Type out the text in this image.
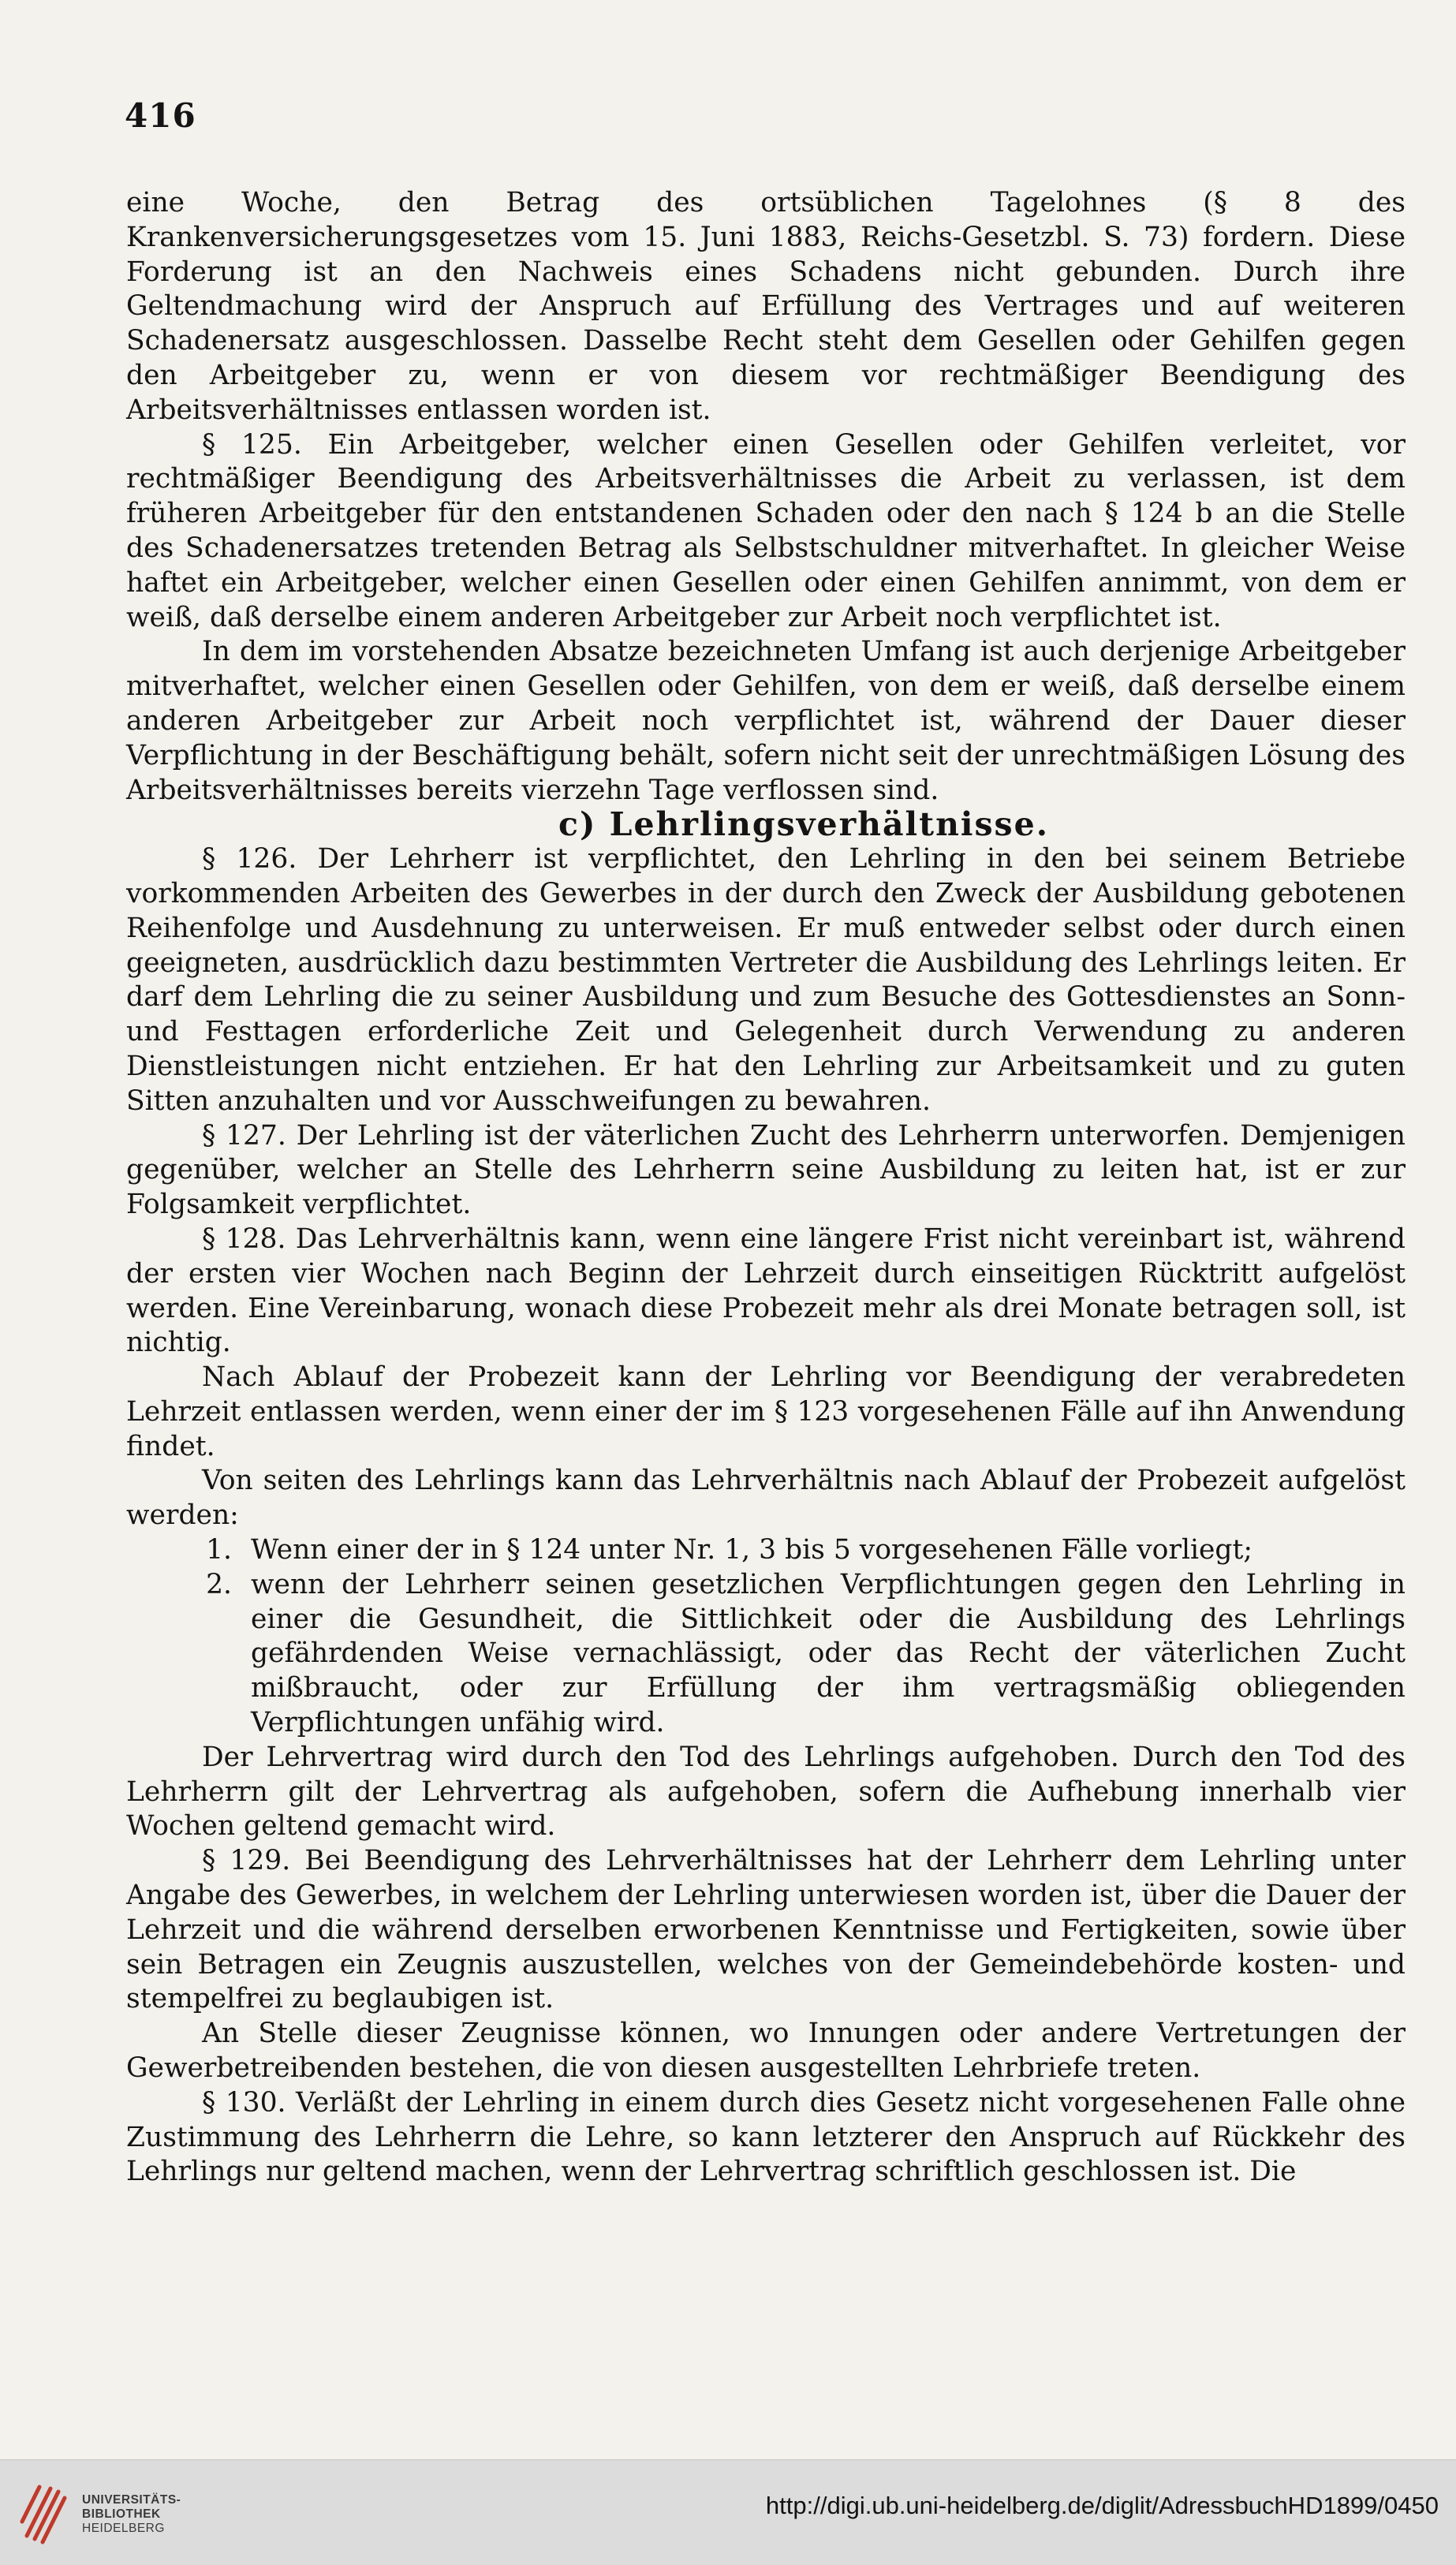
416

eine Woche, den Betrag des ortsüblichen Tagelohnes (§ 8 des Krankenversicherungsgesetzes vom 15. Juni 1883, Reichs-Gesetzbl. S. 73) fordern. Diese Forderung ist an den Nachweis eines Schadens nicht gebunden. Durch ihre Geltendmachung wird der Anspruch auf Erfüllung des Vertrages und auf weiteren Schadenersatz ausgeschlossen. Dasselbe Recht steht dem Gesellen oder Gehilfen gegen den Arbeitgeber zu, wenn er von diesem vor rechtmäßiger Beendigung des Arbeitsverhältnisses entlassen worden ist.

§ 125. Ein Arbeitgeber, welcher einen Gesellen oder Gehilfen verleitet, vor rechtmäßiger Beendigung des Arbeitsverhältnisses die Arbeit zu verlassen, ist dem früheren Arbeitgeber für den entstandenen Schaden oder den nach § 124 b an die Stelle des Schadenersatzes tretenden Betrag als Selbstschuldner mitverhaftet. In gleicher Weise haftet ein Arbeitgeber, welcher einen Gesellen oder einen Gehilfen annimmt, von dem er weiß, daß derselbe einem anderen Arbeitgeber zur Arbeit noch verpflichtet ist.

In dem im vorstehenden Absatze bezeichneten Umfang ist auch derjenige Arbeitgeber mitverhaftet, welcher einen Gesellen oder Gehilfen, von dem er weiß, daß derselbe einem anderen Arbeitgeber zur Arbeit noch verpflichtet ist, während der Dauer dieser Verpflichtung in der Beschäftigung behält, sofern nicht seit der unrechtmäßigen Lösung des Arbeitsverhältnisses bereits vierzehn Tage verflossen sind.

c) Lehrlingsverhältnisse.

§ 126. Der Lehrherr ist verpflichtet, den Lehrling in den bei seinem Betriebe vorkommenden Arbeiten des Gewerbes in der durch den Zweck der Ausbildung gebotenen Reihenfolge und Ausdehnung zu unterweisen. Er muß entweder selbst oder durch einen geeigneten, ausdrücklich dazu bestimmten Vertreter die Ausbildung des Lehrlings leiten. Er darf dem Lehrling die zu seiner Ausbildung und zum Besuche des Gottesdienstes an Sonn- und Festtagen erforderliche Zeit und Gelegenheit durch Verwendung zu anderen Dienstleistungen nicht entziehen. Er hat den Lehrling zur Arbeitsamkeit und zu guten Sitten anzuhalten und vor Ausschweifungen zu bewahren.

§ 127. Der Lehrling ist der väterlichen Zucht des Lehrherrn unterworfen. Demjenigen gegenüber, welcher an Stelle des Lehrherrn seine Ausbildung zu leiten hat, ist er zur Folgsamkeit verpflichtet.

§ 128. Das Lehrverhältnis kann, wenn eine längere Frist nicht vereinbart ist, während der ersten vier Wochen nach Beginn der Lehrzeit durch einseitigen Rücktritt aufgelöst werden. Eine Vereinbarung, wonach diese Probezeit mehr als drei Monate betragen soll, ist nichtig.

Nach Ablauf der Probezeit kann der Lehrling vor Beendigung der verabredeten Lehrzeit entlassen werden, wenn einer der im § 123 vorgesehenen Fälle auf ihn Anwendung findet.

Von seiten des Lehrlings kann das Lehrverhältnis nach Ablauf der Probezeit aufgelöst werden:

1. Wenn einer der in § 124 unter Nr. 1, 3 bis 5 vorgesehenen Fälle vorliegt;
2. wenn der Lehrherr seinen gesetzlichen Verpflichtungen gegen den Lehrling in einer die Gesundheit, die Sittlichkeit oder die Ausbildung des Lehrlings gefährdenden Weise vernachlässigt, oder das Recht der väterlichen Zucht mißbraucht, oder zur Erfüllung der ihm vertragsmäßig obliegenden Verpflichtungen unfähig wird.

Der Lehrvertrag wird durch den Tod des Lehrlings aufgehoben. Durch den Tod des Lehrherrn gilt der Lehrvertrag als aufgehoben, sofern die Aufhebung innerhalb vier Wochen geltend gemacht wird.

§ 129. Bei Beendigung des Lehrverhältnisses hat der Lehrherr dem Lehrling unter Angabe des Gewerbes, in welchem der Lehrling unterwiesen worden ist, über die Dauer der Lehrzeit und die während derselben erworbenen Kenntnisse und Fertigkeiten, sowie über sein Betragen ein Zeugnis auszustellen, welches von der Gemeindebehörde kosten- und stempelfrei zu beglaubigen ist.

An Stelle dieser Zeugnisse können, wo Innungen oder andere Vertretungen der Gewerbetreibenden bestehen, die von diesen ausgestellten Lehrbriefe treten.

§ 130. Verläßt der Lehrling in einem durch dies Gesetz nicht vorgesehenen Falle ohne Zustimmung des Lehrherrn die Lehre, so kann letzterer den Anspruch auf Rückkehr des Lehrlings nur geltend machen, wenn der Lehrvertrag schriftlich geschlossen ist. Die

UNIVERSITÄTS-
BIBLIOTHEK
HEIDELBERG
http://digi.ub.uni-heidelberg.de/diglit/AdressbuchHD1899/0450
